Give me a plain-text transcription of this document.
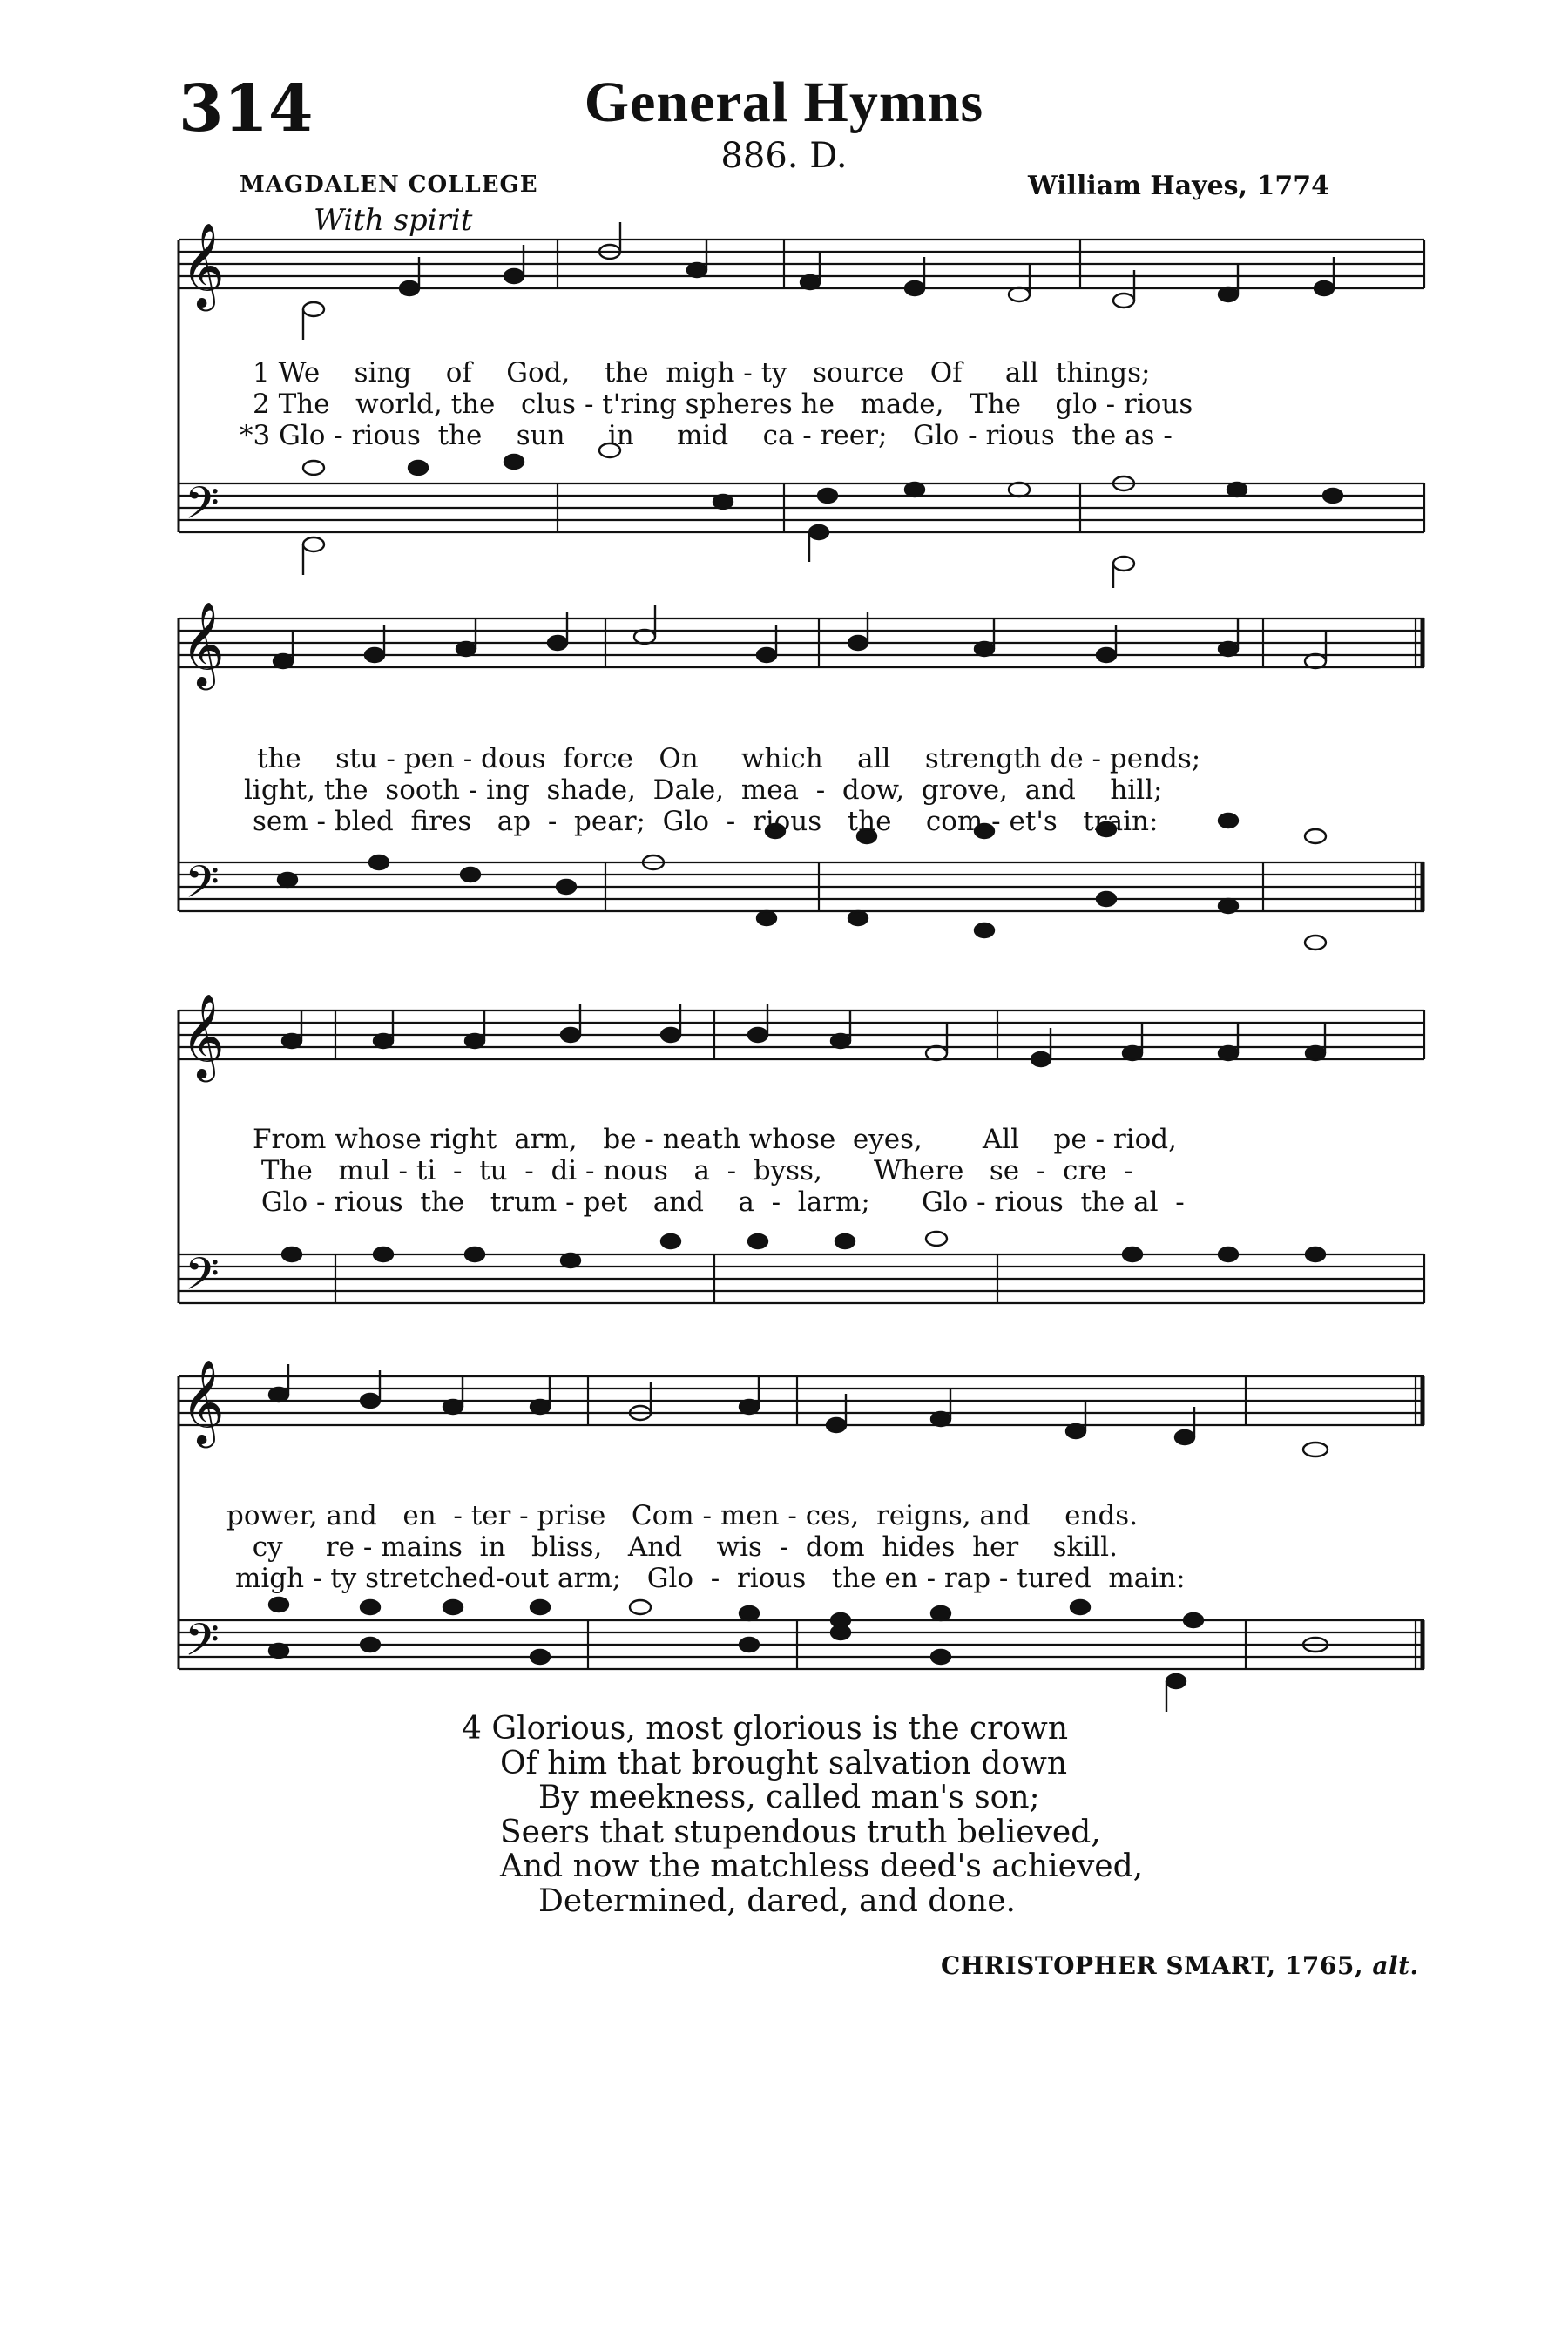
314	General Hymns
886. D.
MAGDALEN COLLEGE	William Hayes, 1774
With spirit
𝄞
𝄢
1 We    sing    of    God,    the  migh - ty   source   Of     all  things;
2 The   world, the   clus - t'ring spheres he   made,   The    glo - rious
*3 Glo - rious  the    sun     in     mid    ca - reer;   Glo - rious  the as -
𝄞
𝄢
the    stu - pen - dous  force   On     which    all    strength de - pends;
light, the  sooth - ing  shade,  Dale,  mea  -  dow,  grove,  and    hill;
sem - bled  fires   ap  -  pear;  Glo  -  rious   the    com - et's   train:
𝄞
𝄢
From whose right  arm,   be - neath whose  eyes,       All    pe - riod,
The   mul - ti  -  tu  -  di - nous   a  -  byss,      Where   se  -  cre  -
Glo - rious  the   trum - pet   and    a  -  larm;      Glo - rious  the al  -
𝄞
𝄢
power, and   en  - ter - prise   Com - men - ces,  reigns, and    ends.
cy     re - mains  in   bliss,   And    wis  -  dom  hides  her    skill.
migh - ty stretched-out arm;   Glo  -  rious   the en - rap - tured  main:
4 Glorious, most glorious is the crown
Of him that brought salvation down
By meekness, called man's son;
Seers that stupendous truth believed,
And now the matchless deed's achieved,
Determined, dared, and done.
CHRISTOPHER SMART, 1765, alt.
